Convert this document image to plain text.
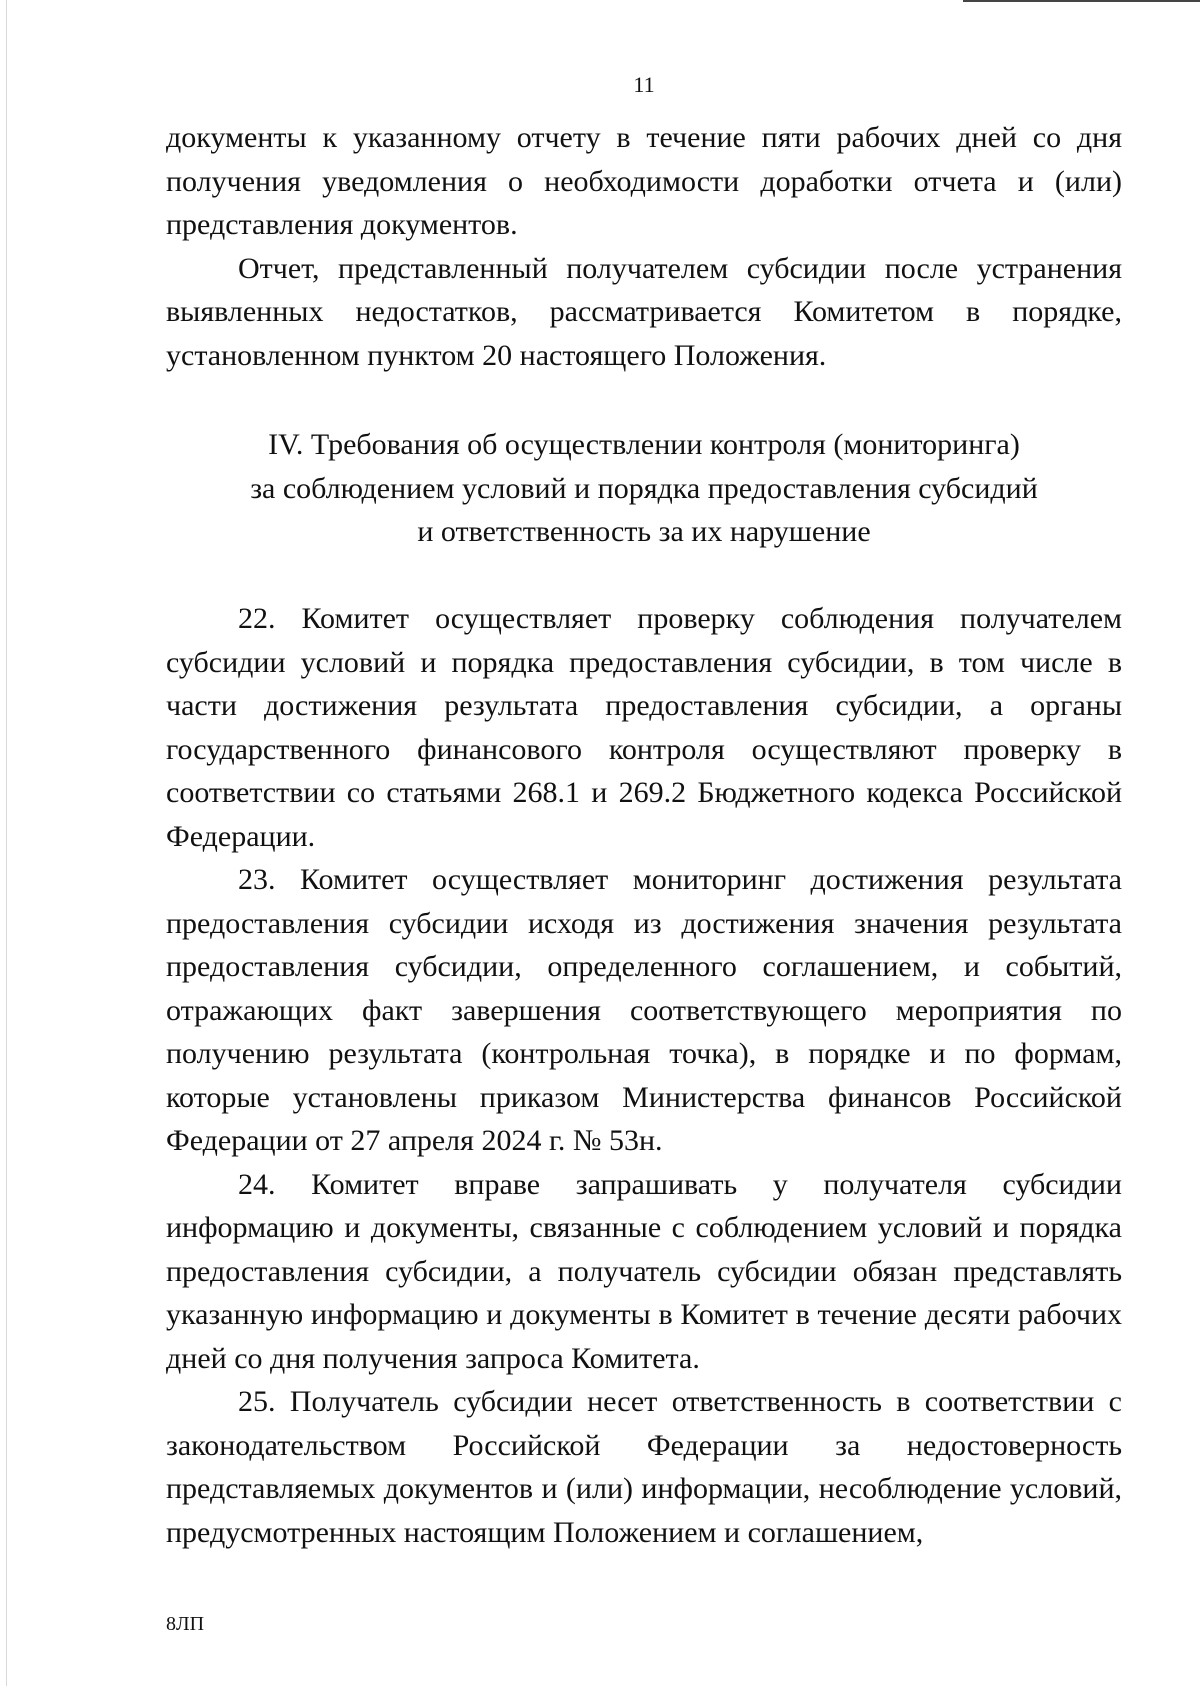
11

документы к указанному отчету в течение пяти рабочих дней со дня получения уведомления о необходимости доработки отчета и (или) представления документов.

Отчет, представленный получателем субсидии после устранения выявленных недостатков, рассматривается Комитетом в порядке, установленном пунктом 20 настоящего Положения.

IV. Требования об осуществлении контроля (мониторинга)
за соблюдением условий и порядка предоставления субсидий
и ответственность за их нарушение

22. Комитет осуществляет проверку соблюдения получателем субсидии условий и порядка предоставления субсидии, в том числе в части достижения результата предоставления субсидии, а органы государственного финансового контроля осуществляют проверку в соответствии со статьями 268.1 и 269.2 Бюджетного кодекса Российской Федерации.

23. Комитет осуществляет мониторинг достижения результата предоставления субсидии исходя из достижения значения результата предоставления субсидии, определенного соглашением, и событий, отражающих факт завершения соответствующего мероприятия по получению результата (контрольная точка), в порядке и по формам, которые установлены приказом Министерства финансов Российской Федерации от 27 апреля 2024 г. № 53н.

24. Комитет вправе запрашивать у получателя субсидии информацию и документы, связанные с соблюдением условий и порядка предоставления субсидии, а получатель субсидии обязан представлять указанную информацию и документы в Комитет в течение десяти рабочих дней со дня получения запроса Комитета.

25. Получатель субсидии несет ответственность в соответствии с законодательством Российской Федерации за недостоверность представляемых документов и (или) информации, несоблюдение условий, предусмотренных настоящим Положением и соглашением,

8ЛП
